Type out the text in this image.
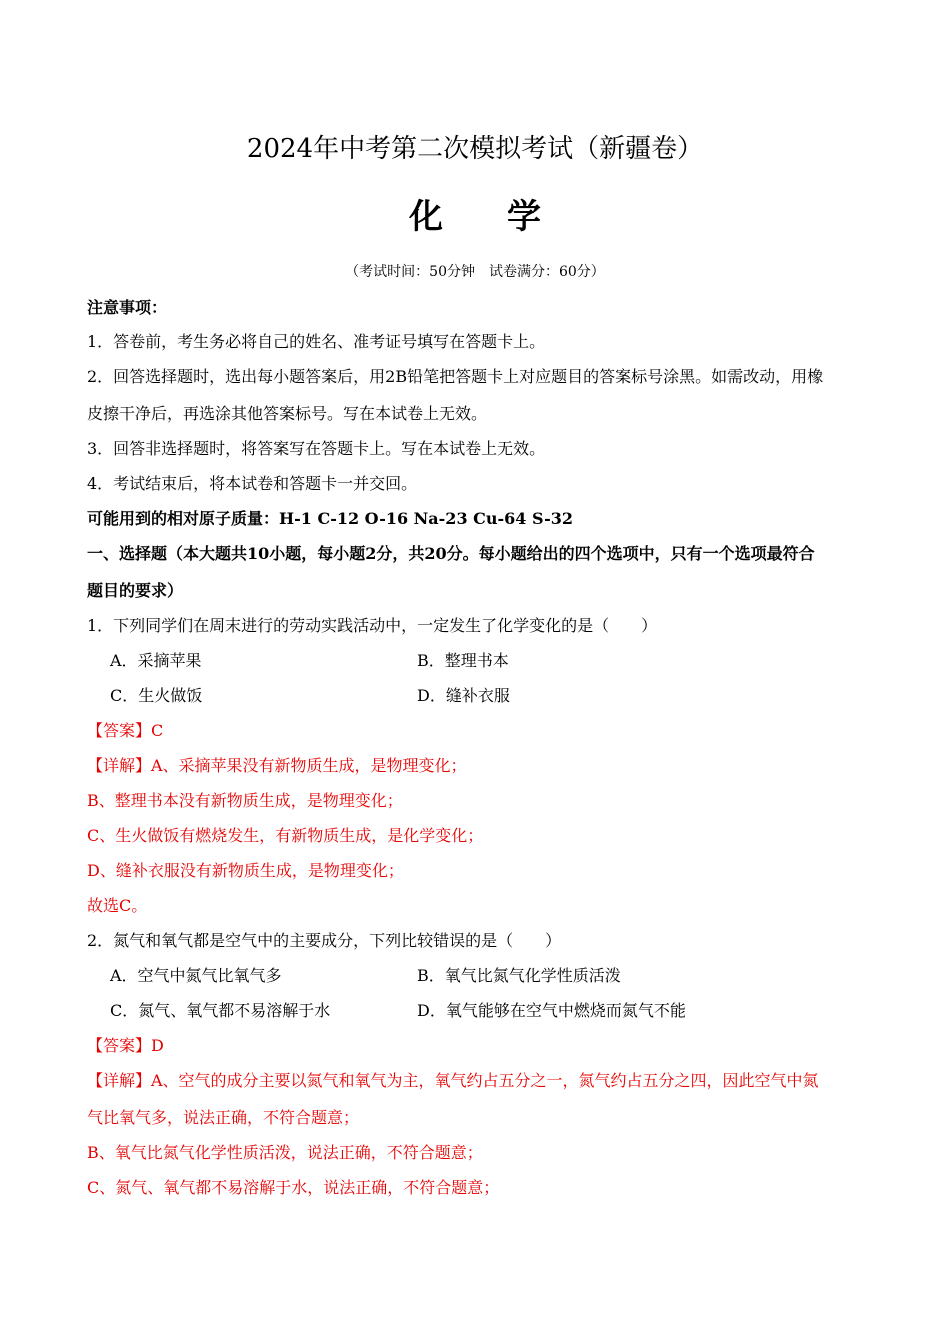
2024年中考第二次模拟考试（新疆卷）
化学
（考试时间：50分钟　试卷满分：60分）
注意事项：
1．答卷前，考生务必将自己的姓名、准考证号填写在答题卡上。
2．回答选择题时，选出每小题答案后，用2B铅笔把答题卡上对应题目的答案标号涂黑。如需改动，用橡
皮擦干净后，再选涂其他答案标号。写在本试卷上无效。
3．回答非选择题时，将答案写在答题卡上。写在本试卷上无效。
4．考试结束后，将本试卷和答题卡一并交回。
可能用到的相对原子质量：H-1 C-12 O-16 Na-23 Cu-64 S-32
一、选择题（本大题共10小题，每小题2分，共20分。每小题给出的四个选项中，只有一个选项最符合
题目的要求）
1．下列同学们在周末进行的劳动实践活动中，一定发生了化学变化的是（　　）
A．采摘苹果	B．整理书本
C．生火做饭	D．缝补衣服
【答案】C
【详解】A、采摘苹果没有新物质生成，是物理变化；
B、整理书本没有新物质生成，是物理变化；
C、生火做饭有燃烧发生，有新物质生成，是化学变化；
D、缝补衣服没有新物质生成，是物理变化；
故选C。
2．氮气和氧气都是空气中的主要成分，下列比较错误的是（　　）
A．空气中氮气比氧气多	B．氧气比氮气化学性质活泼
C．氮气、氧气都不易溶解于水	D．氧气能够在空气中燃烧而氮气不能
【答案】D
【详解】A、空气的成分主要以氮气和氧气为主，氧气约占五分之一，氮气约占五分之四，因此空气中氮
气比氧气多，说法正确，不符合题意；
B、氧气比氮气化学性质活泼，说法正确，不符合题意；
C、氮气、氧气都不易溶解于水，说法正确，不符合题意；
